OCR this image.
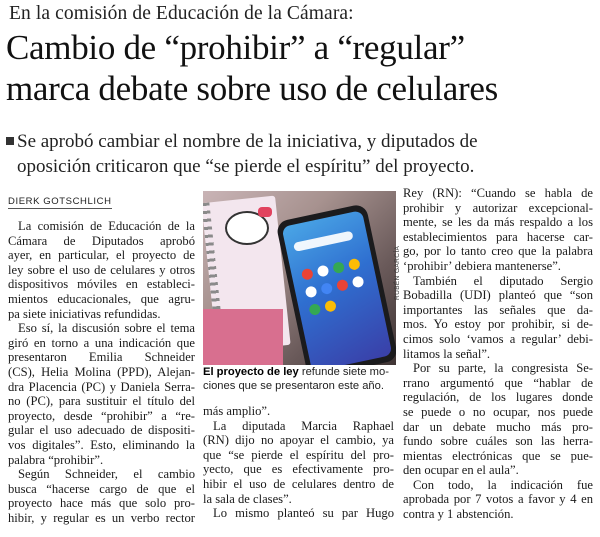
En la comisión de Educación de la Cámara:
Cambio de “prohibir” a “regular”
marca debate sobre uso de celulares
Se aprobó cambiar el nombre de la iniciativa, y diputados de
oposición criticaron que “se pierde el espíritu” del proyecto.
DIERK GOTSCHLICH
La comisión de Educación de la
Cámara de Diputados aprobó
ayer, en particular, el proyecto de
ley sobre el uso de celulares y otros
dispositivos móviles en estableci-
mientos educacionales, que agru-
pa siete iniciativas refundidas.
Eso sí, la discusión sobre el tema
giró en torno a una indicación que
presentaron Emilia Schneider
(CS), Helia Molina (PPD), Alejan-
dra Placencia (PC) y Daniela Serra-
no (PC), para sustituir el título del
proyecto, desde “prohibir” a “re-
gular el uso adecuado de dispositi-
vos digitales”. Esto, eliminando la
palabra “prohibir”.
Según Schneider, el cambio
busca “hacerse cargo de que el
proyecto hace más que solo pro-
hibir, y regular es un verbo rector
RUBÉN GARCÍA
El proyecto de ley refunde siete mo-
ciones que se presentaron este año.
más amplio”.
La diputada Marcia Raphael
(RN) dijo no apoyar el cambio, ya
que “se pierde el espíritu del pro-
yecto, que es efectivamente pro-
hibir el uso de celulares dentro de
la sala de clases”.
Lo mismo planteó su par Hugo
Rey (RN): “Cuando se habla de
prohibir y autorizar excepcional-
mente, se les da más respaldo a los
establecimientos para hacerse car-
go, por lo tanto creo que la palabra
‘prohibir’ debiera mantenerse”.
También el diputado Sergio
Bobadilla (UDI) planteó que “son
importantes las señales que da-
mos. Yo estoy por prohibir, si de-
cimos solo ‘vamos a regular’ debi-
litamos la señal”.
Por su parte, la congresista Se-
rrano argumentó que “hablar de
regulación, de los lugares donde
se puede o no ocupar, nos puede
dar un debate mucho más pro-
fundo sobre cuáles son las herra-
mientas electrónicas que se pue-
den ocupar en el aula”.
Con todo, la indicación fue
aprobada por 7 votos a favor y 4 en
contra y 1 abstención.
